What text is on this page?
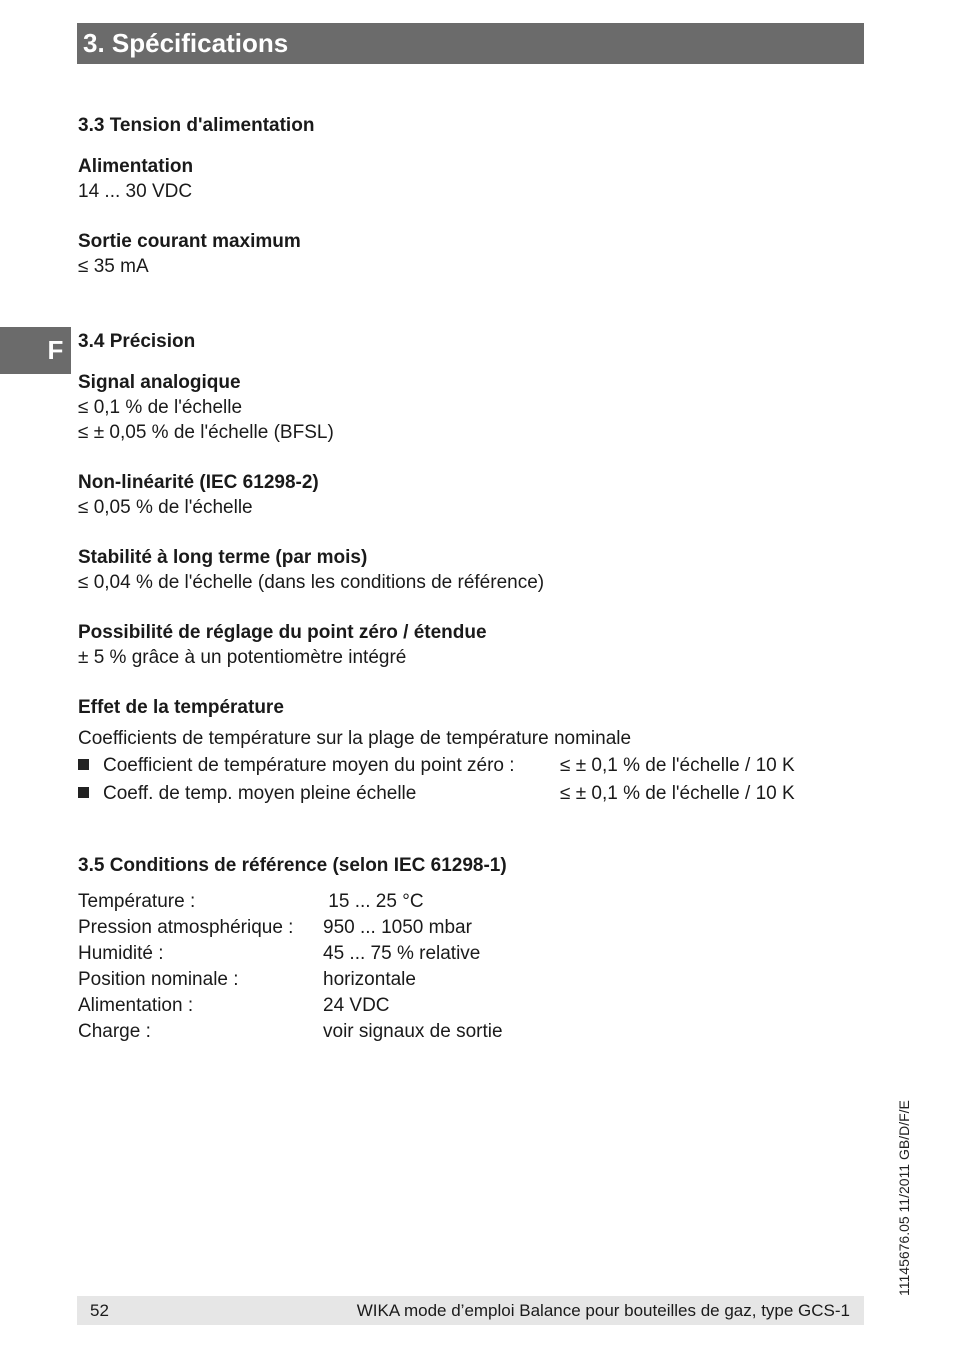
3. Spécifications
F
3.3 Tension d'alimentation
Alimentation
14 ... 30 VDC
Sortie courant maximum
≤ 35 mA
3.4 Précision
Signal analogique
≤ 0,1 % de l'échelle
≤ ± 0,05 % de l'échelle (BFSL)
Non-linéarité (IEC 61298-2)
≤ 0,05 % de l'échelle
Stabilité à long terme (par mois)
≤ 0,04 % de l'échelle (dans les conditions de référence)
Possibilité de réglage du point zéro / étendue
± 5 % grâce à un potentiomètre intégré
Effet de la température
Coefficients de température sur la plage de température nominale
Coefficient de température moyen du point zéro : ≤ ± 0,1 % de l'échelle / 10 K
Coeff. de temp. moyen pleine échelle	≤ ± 0,1 % de l'échelle / 10 K
3.5 Conditions de référence (selon IEC 61298-1)
Température :	15 ... 25 °C
Pression atmosphérique : 950 ... 1050 mbar
Humidité :	45 ... 75 % relative
Position nominale :	horizontale
Alimentation :	24 VDC
Charge :	voir signaux de sortie
11145676.05 11/2011 GB/D/F/E
52	WIKA mode d’emploi Balance pour bouteilles de gaz, type GCS-1
